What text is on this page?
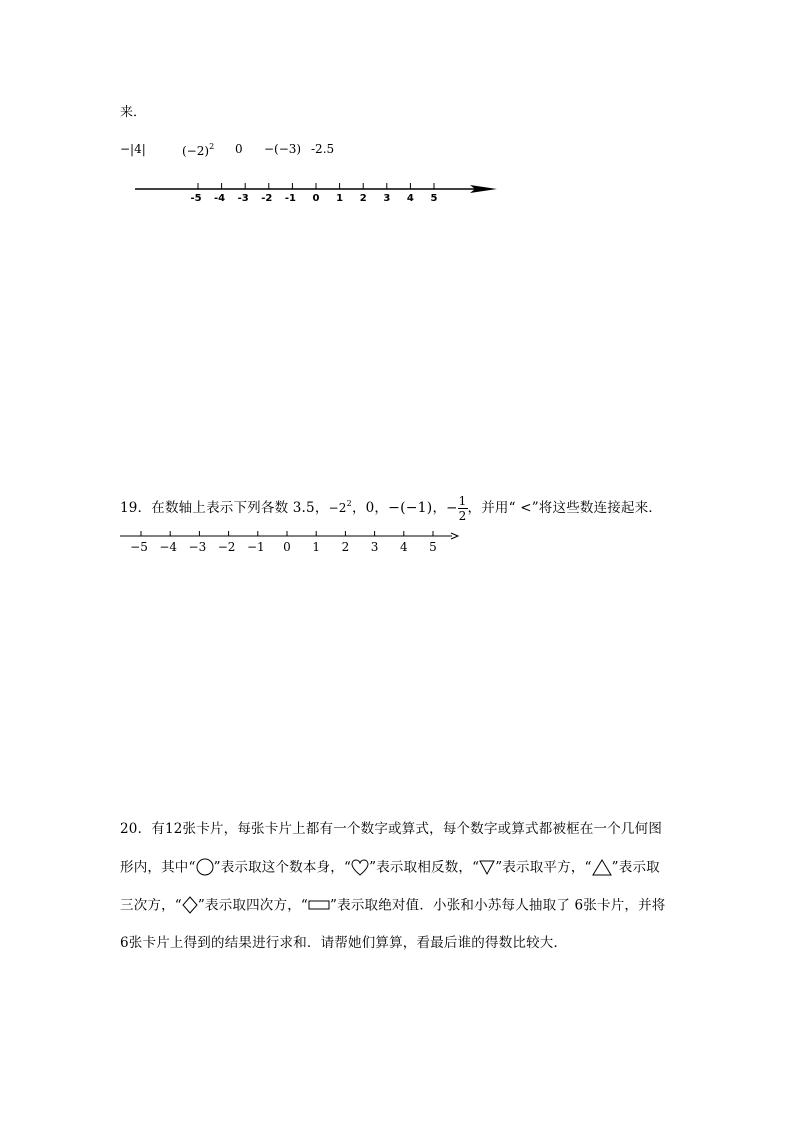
来．
−|4|	$(-2)^2$ 0 −(−3) -2.5
19．在数轴上表示下列各数 3.5，$-2^2$，0，−(−1)，− $\frac{1}{2}$ ，并用“ <”将这些数连接起来．
20．有12张卡片，每张卡片上都有一个数字或算式，每个数字或算式都被框在一个几何图
形内，其中“ ”表示取这个数本身，“ ”表示取相反数，“ ”表示取平方，“ ”表示取
三次方，“ ”表示取四次方，“ ”表示取绝对值．小张和小苏每人抽取了 6张卡片，并将
6张卡片上得到的结果进行求和．请帮她们算算，看最后谁的得数比较大．
-5 -4 -3 -2 -1 0 1 2 3 4 5
−5 −4 −3 −2 −1 0 1 2 3 4 5
